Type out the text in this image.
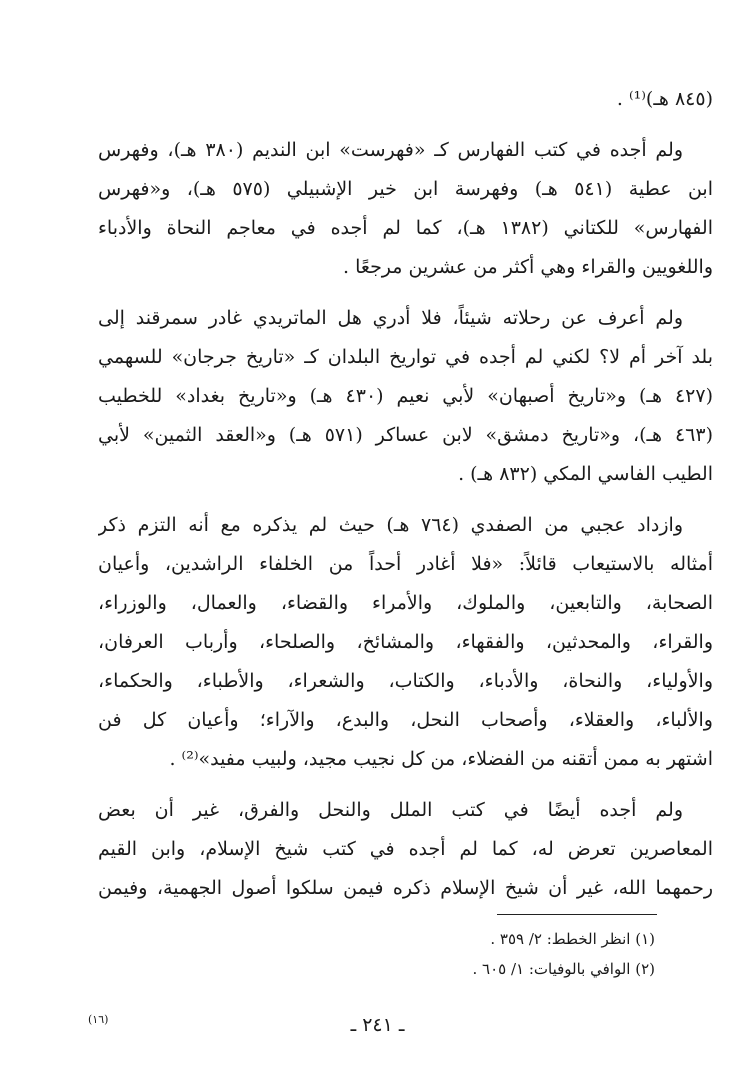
(٨٤٥ هـ)⁽¹⁾ .
ولم أجده في كتب الفهارس كـ «فهرست» ابن النديم (٣٨٠ هـ)، وفهرس
ابن عطية (٥٤١ هـ) وفهرسة ابن خير الإشبيلي (٥٧٥ هـ)، و«فهرس
الفهارس» للكتاني (١٣٨٢ هـ)، كما لم أجده في معاجم النحاة والأدباء
واللغويين والقراء وهي أكثر من عشرين مرجعًا .
ولم أعرف عن رحلاته شيئاً، فلا أدري هل الماتريدي غادر سمرقند إلى
بلد آخر أم لا؟ لكني لم أجده في تواريخ البلدان كـ «تاريخ جرجان» للسهمي
(٤٢٧ هـ) و«تاريخ أصبهان» لأبي نعيم (٤٣٠ هـ) و«تاريخ بغداد» للخطيب
(٤٦٣ هـ)، و«تاريخ دمشق» لابن عساكر (٥٧١ هـ) و«العقد الثمين» لأبي
الطيب الفاسي المكي (٨٣٢ هـ) .
وازداد عجبي من الصفدي (٧٦٤ هـ) حيث لم يذكره مع أنه التزم ذكر
أمثاله بالاستيعاب قائلاً: «فلا أغادر أحداً من الخلفاء الراشدين، وأعيان
الصحابة، والتابعين، والملوك، والأمراء والقضاء، والعمال، والوزراء،
والقراء، والمحدثين، والفقهاء، والمشائخ، والصلحاء، وأرباب العرفان،
والأولياء، والنحاة، والأدباء، والكتاب، والشعراء، والأطباء، والحكماء،
والألباء، والعقلاء، وأصحاب النحل، والبدع، والآراء؛ وأعيان كل فن
اشتهر به ممن أتقنه من الفضلاء، من كل نجيب مجيد، ولبيب مفيد»⁽²⁾ .
ولم أجده أيضًا في كتب الملل والنحل والفرق، غير أن بعض
المعاصرين تعرض له، كما لم أجده في كتب شيخ الإسلام، وابن القيم
رحمهما الله، غير أن شيخ الإسلام ذكره فيمن سلكوا أصول الجهمية، وفيمن
(١) انظر الخطط: ٢/ ٣٥٩ .
(٢) الوافي بالوفيات: ١/ ٦٠٥ .
ـ ٢٤١ ـ
(١٦)
